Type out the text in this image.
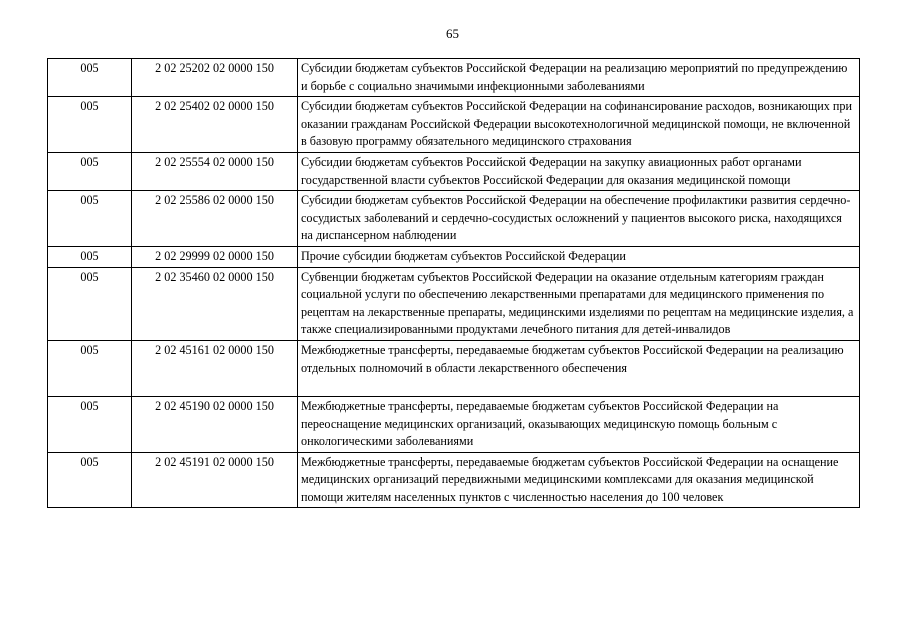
65
005	2 02 25202 02 0000 150	Субсидии бюджетам субъектов Российской Федерации на реализацию мероприятий по предупреждению и борьбе с социально значимыми инфекционными заболеваниями
005	2 02 25402 02 0000 150	Субсидии бюджетам субъектов Российской Федерации на софинансирование расходов, возникающих при оказании гражданам Российской Федерации высокотехнологичной медицинской помощи, не включенной в базовую программу обязательного медицинского страхования
005	2 02 25554 02 0000 150	Субсидии бюджетам субъектов Российской Федерации на закупку авиационных работ органами государственной власти субъектов Российской Федерации для оказания медицинской помощи
005	2 02 25586 02 0000 150	Субсидии бюджетам субъектов Российской Федерации на обеспечение профилактики развития сердечно-сосудистых заболеваний и сердечно-сосудистых осложнений у пациентов высокого риска, находящихся на диспансерном наблюдении
005	2 02 29999 02 0000 150	Прочие субсидии бюджетам субъектов Российской Федерации
005	2 02 35460 02 0000 150	Субвенции бюджетам субъектов Российской Федерации на оказание отдельным категориям граждан социальной услуги по обеспечению лекарственными препаратами для медицинского применения по рецептам на лекарственные препараты, медицинскими изделиями по рецептам на медицинские изделия, а также специализированными продуктами лечебного питания для детей-инвалидов
005	2 02 45161 02 0000 150	Межбюджетные трансферты, передаваемые бюджетам субъектов Российской Федерации на реализацию отдельных полномочий в области лекарственного обеспечения
005	2 02 45190 02 0000 150	Межбюджетные трансферты, передаваемые бюджетам субъектов Российской Федерации на переоснащение медицинских организаций, оказывающих медицинскую помощь больным с онкологическими заболеваниями
005	2 02 45191 02 0000 150	Межбюджетные трансферты, передаваемые бюджетам субъектов Российской Федерации на оснащение медицинских организаций передвижными медицинскими комплексами для оказания медицинской помощи жителям населенных пунктов с численностью населения до 100 человек
